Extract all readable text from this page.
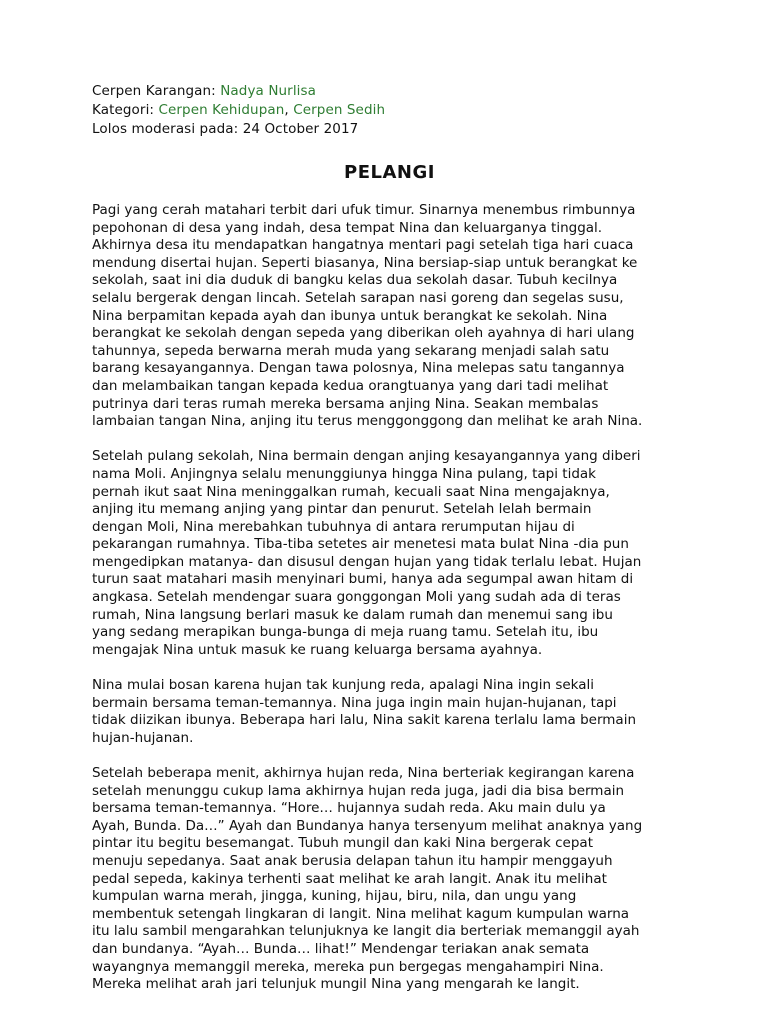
Cerpen Karangan: Nadya Nurlisa
Kategori: Cerpen Kehidupan, Cerpen Sedih
Lolos moderasi pada: 24 October 2017
PELANGI

Pagi yang cerah matahari terbit dari ufuk timur. Sinarnya menembus rimbunnya
pepohonan di desa yang indah, desa tempat Nina dan keluarganya tinggal.
Akhirnya desa itu mendapatkan hangatnya mentari pagi setelah tiga hari cuaca
mendung disertai hujan. Seperti biasanya, Nina bersiap-siap untuk berangkat ke
sekolah, saat ini dia duduk di bangku kelas dua sekolah dasar. Tubuh kecilnya
selalu bergerak dengan lincah. Setelah sarapan nasi goreng dan segelas susu,
Nina berpamitan kepada ayah dan ibunya untuk berangkat ke sekolah. Nina
berangkat ke sekolah dengan sepeda yang diberikan oleh ayahnya di hari ulang
tahunnya, sepeda berwarna merah muda yang sekarang menjadi salah satu
barang kesayangannya. Dengan tawa polosnya, Nina melepas satu tangannya
dan melambaikan tangan kepada kedua orangtuanya yang dari tadi melihat
putrinya dari teras rumah mereka bersama anjing Nina. Seakan membalas
lambaian tangan Nina, anjing itu terus menggonggong dan melihat ke arah Nina.

Setelah pulang sekolah, Nina bermain dengan anjing kesayangannya yang diberi
nama Moli. Anjingnya selalu menunggiunya hingga Nina pulang, tapi tidak
pernah ikut saat Nina meninggalkan rumah, kecuali saat Nina mengajaknya,
anjing itu memang anjing yang pintar dan penurut. Setelah lelah bermain
dengan Moli, Nina merebahkan tubuhnya di antara rerumputan hijau di
pekarangan rumahnya. Tiba-tiba setetes air menetesi mata bulat Nina -dia pun
mengedipkan matanya- dan disusul dengan hujan yang tidak terlalu lebat. Hujan
turun saat matahari masih menyinari bumi, hanya ada segumpal awan hitam di
angkasa. Setelah mendengar suara gonggongan Moli yang sudah ada di teras
rumah, Nina langsung berlari masuk ke dalam rumah dan menemui sang ibu
yang sedang merapikan bunga-bunga di meja ruang tamu. Setelah itu, ibu
mengajak Nina untuk masuk ke ruang keluarga bersama ayahnya.

Nina mulai bosan karena hujan tak kunjung reda, apalagi Nina ingin sekali
bermain bersama teman-temannya. Nina juga ingin main hujan-hujanan, tapi
tidak diizikan ibunya. Beberapa hari lalu, Nina sakit karena terlalu lama bermain
hujan-hujanan.

Setelah beberapa menit, akhirnya hujan reda, Nina berteriak kegirangan karena
setelah menunggu cukup lama akhirnya hujan reda juga, jadi dia bisa bermain
bersama teman-temannya. “Hore… hujannya sudah reda. Aku main dulu ya
Ayah, Bunda. Da…” Ayah dan Bundanya hanya tersenyum melihat anaknya yang
pintar itu begitu besemangat. Tubuh mungil dan kaki Nina bergerak cepat
menuju sepedanya. Saat anak berusia delapan tahun itu hampir menggayuh
pedal sepeda, kakinya terhenti saat melihat ke arah langit. Anak itu melihat
kumpulan warna merah, jingga, kuning, hijau, biru, nila, dan ungu yang
membentuk setengah lingkaran di langit. Nina melihat kagum kumpulan warna
itu lalu sambil mengarahkan telunjuknya ke langit dia berteriak memanggil ayah
dan bundanya. “Ayah… Bunda… lihat!” Mendengar teriakan anak semata
wayangnya memanggil mereka, mereka pun bergegas mengahampiri Nina.
Mereka melihat arah jari telunjuk mungil Nina yang mengarah ke langit.
